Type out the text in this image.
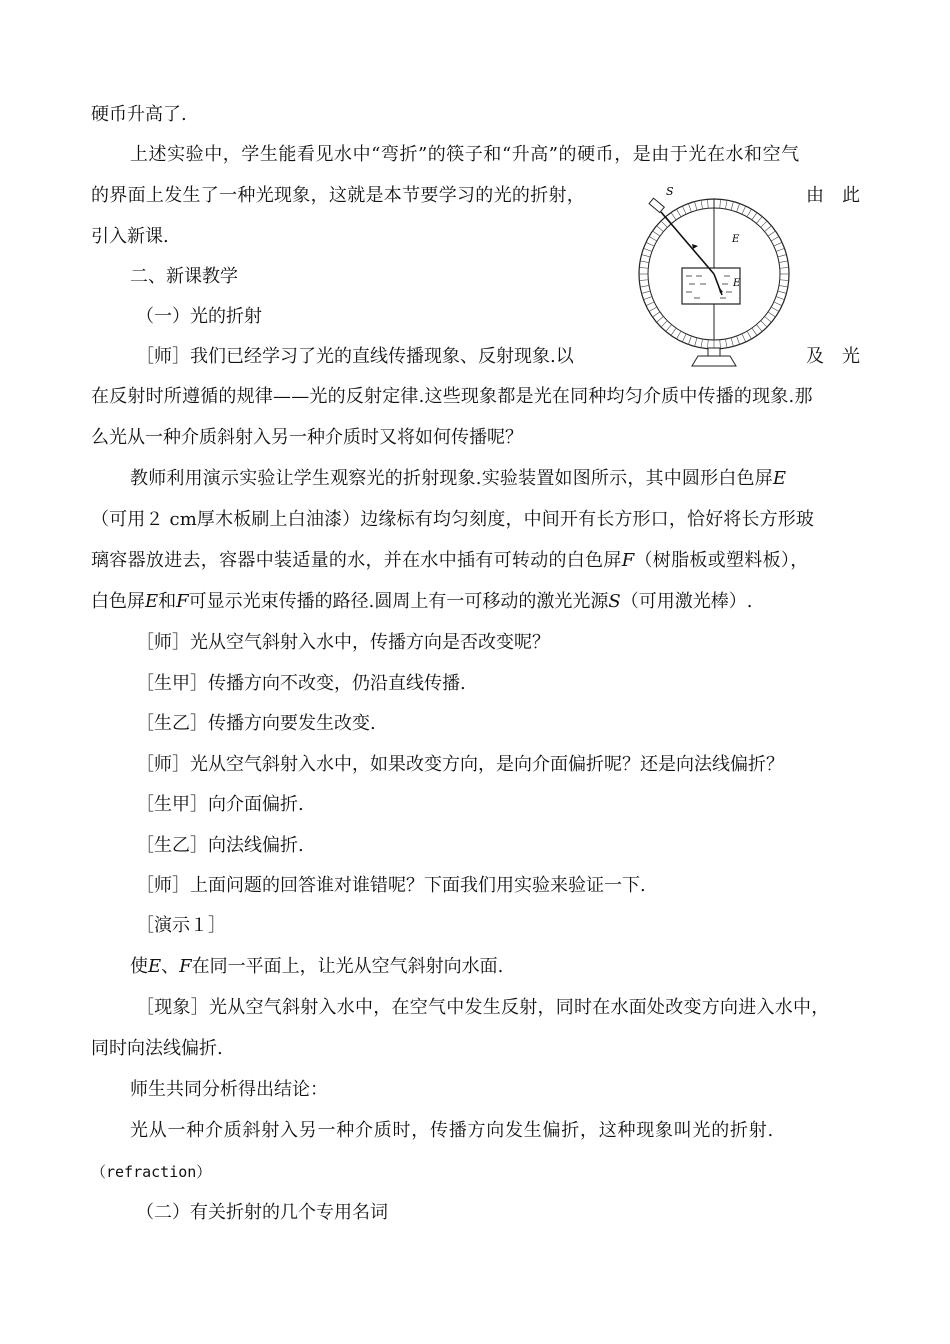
硬币升高了.
上述实验中，学生能看见水中“弯折”的筷子和“升高”的硬币，是由于光在水和空气
的界面上发生了一种光现象，这就是本节要学习的光的折射，	由　此
引入新课.
二、新课教学
（一）光的折射
［师］我们已经学习了光的直线传播现象、反射现象.以	及　光
在反射时所遵循的规律——光的反射定律.这些现象都是光在同种均匀介质中传播的现象.那
么光从一种介质斜射入另一种介质时又将如何传播呢？
教师利用演示实验让学生观察光的折射现象.实验装置如图所示，其中圆形白色屏E
（可用２ cm厚木板刷上白油漆）边缘标有均匀刻度，中间开有长方形口，恰好将长方形玻
璃容器放进去，容器中装适量的水，并在水中插有可转动的白色屏F（树脂板或塑料板），
白色屏E和F可显示光束传播的路径.圆周上有一可移动的激光光源S（可用激光棒）.
［师］光从空气斜射入水中，传播方向是否改变呢？
［生甲］传播方向不改变，仍沿直线传播.
［生乙］传播方向要发生改变.
［师］光从空气斜射入水中，如果改变方向，是向介面偏折呢？还是向法线偏折？
［生甲］向介面偏折.
［生乙］向法线偏折.
［师］上面问题的回答谁对谁错呢？下面我们用实验来验证一下.
［演示１］
使E、F在同一平面上，让光从空气斜射向水面.
［现象］光从空气斜射入水中，在空气中发生反射，同时在水面处改变方向进入水中，
同时向法线偏折.
师生共同分析得出结论：
光从一种介质斜射入另一种介质时，传播方向发生偏折，这种现象叫光的折射.
（refraction）
（二）有关折射的几个专用名词
S
E
E
